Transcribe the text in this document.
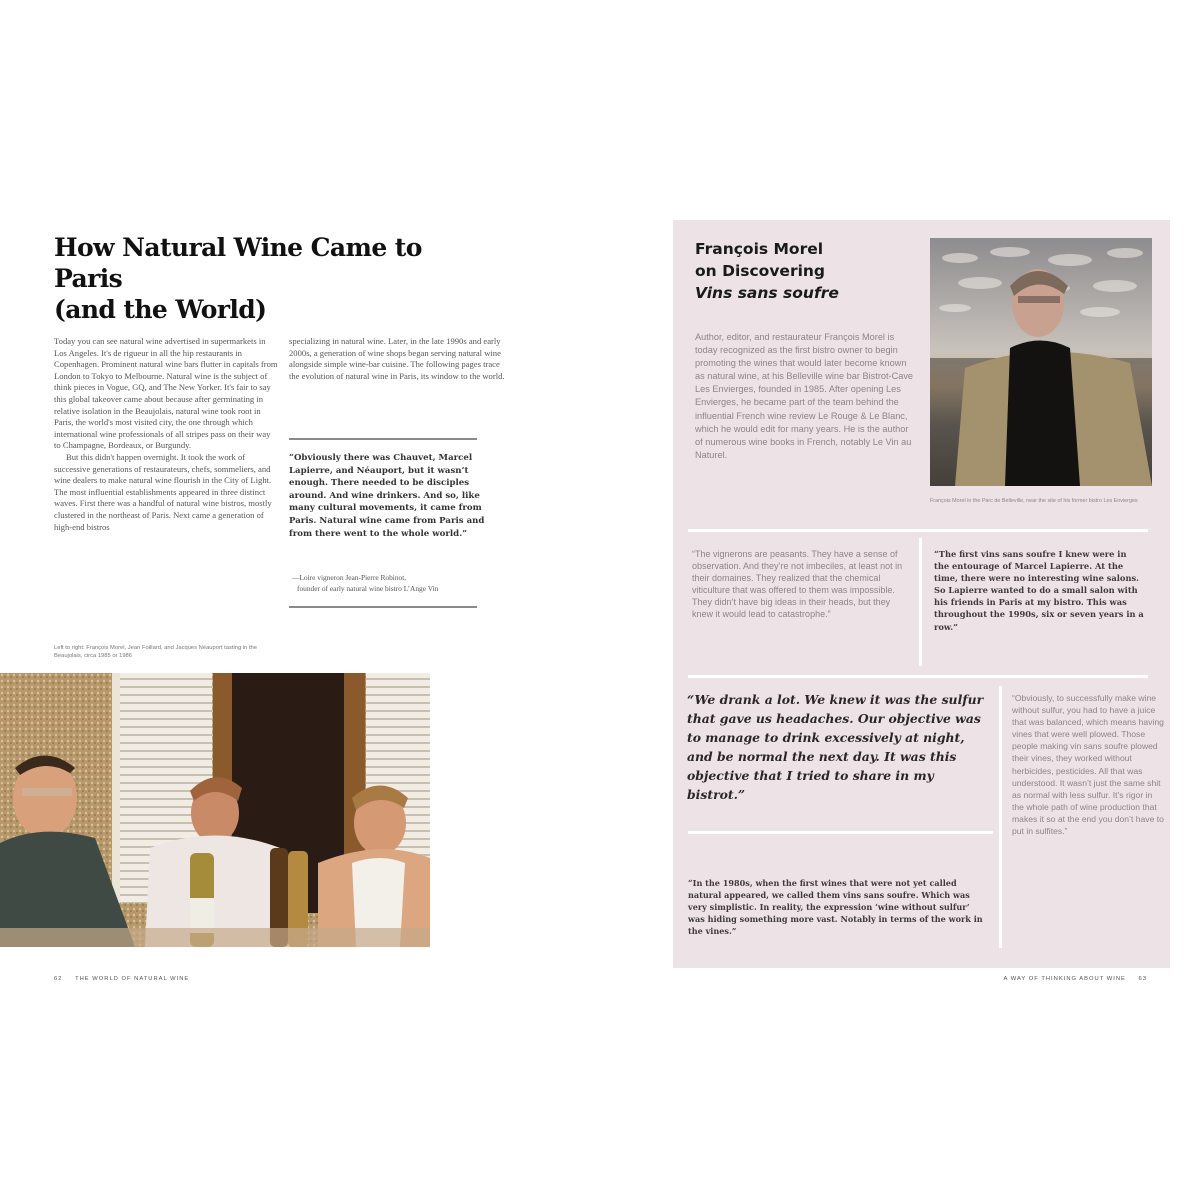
How Natural Wine Came to Paris
(and the World)

Today you can see natural wine advertised in supermarkets in Los Angeles. It's de rigueur in all the hip restaurants in Copenhagen. Prominent natural wine bars flutter in capitals from London to Tokyo to Melbourne. Natural wine is the subject of think pieces in Vogue, GQ, and The New Yorker. It's fair to say this global takeover came about because after germinating in relative isolation in the Beaujolais, natural wine took root in Paris, the world's most visited city, the one through which international wine professionals of all stripes pass on their way to Champagne, Bordeaux, or Burgundy.

But this didn't happen overnight. It took the work of successive generations of restaurateurs, chefs, sommeliers, and wine dealers to make natural wine flourish in the City of Light. The most influential establishments appeared in three distinct waves. First there was a handful of natural wine bistros, mostly clustered in the northeast of Paris. Next came a generation of high-end bistros

specializing in natural wine. Later, in the late 1990s and early 2000s, a generation of wine shops began serving natural wine alongside simple wine-bar cuisine. The following pages trace the evolution of natural wine in Paris, its window to the world.

“Obviously there was Chauvet, Marcel Lapierre, and Néauport, but it wasn’t enough. There needed to be disciples around. And wine drinkers. And so, like many cultural movements, it came from Paris. Natural wine came from Paris and from there went to the whole world.”
—Loire vigneron Jean-Pierre Robinot,
founder of early natural wine bistro L’Ange Vin
Left to right: François Morel, Jean Foillard, and Jacques Néauport tasting in the Beaujolais, circa 1985 or 1986
62 THE WORLD OF NATURAL WINE
François Morel
on Discovering
Vins sans soufre
Author, editor, and restaurateur François Morel is today recognized as the first bistro owner to begin promoting the wines that would later become known as natural wine, at his Belleville wine bar Bistrot-Cave Les Envierges, founded in 1985. After opening Les Envierges, he became part of the team behind the influential French wine review Le Rouge & Le Blanc, which he would edit for many years. He is the author of numerous wine books in French, notably Le Vin au Naturel.
François Morel in the Parc de Belleville, near the site of his former bistro Les Envierges
“The vignerons are peasants. They have a sense of observation. And they’re not imbeciles, at least not in their domaines. They realized that the chemical viticulture that was offered to them was impossible. They didn’t have big ideas in their heads, but they knew it would lead to catastrophe.”
“The first vins sans soufre I knew were in the entourage of Marcel Lapierre. At the time, there were no interesting wine salons. So Lapierre wanted to do a small salon with his friends in Paris at my bistro. This was throughout the 1990s, six or seven years in a row.”
“We drank a lot. We knew it was the sulfur that gave us headaches. Our objective was to manage to drink excessively at night, and be normal the next day. It was this objective that I tried to share in my bistrot.”
“In the 1980s, when the first wines that were not yet called natural appeared, we called them vins sans soufre. Which was very simplistic. In reality, the expression ‘wine without sulfur’ was hiding something more vast. Notably in terms of the work in the vines.”
“Obviously, to successfully make wine without sulfur, you had to have a juice that was balanced, which means having vines that were well plowed. Those people making vin sans soufre plowed their vines, they worked without herbicides, pesticides. All that was understood. It wasn’t just the same shit as normal with less sulfur. It’s rigor in the whole path of wine production that makes it so at the end you don’t have to put in sulfites.”
A WAY OF THINKING ABOUT WINE 63
